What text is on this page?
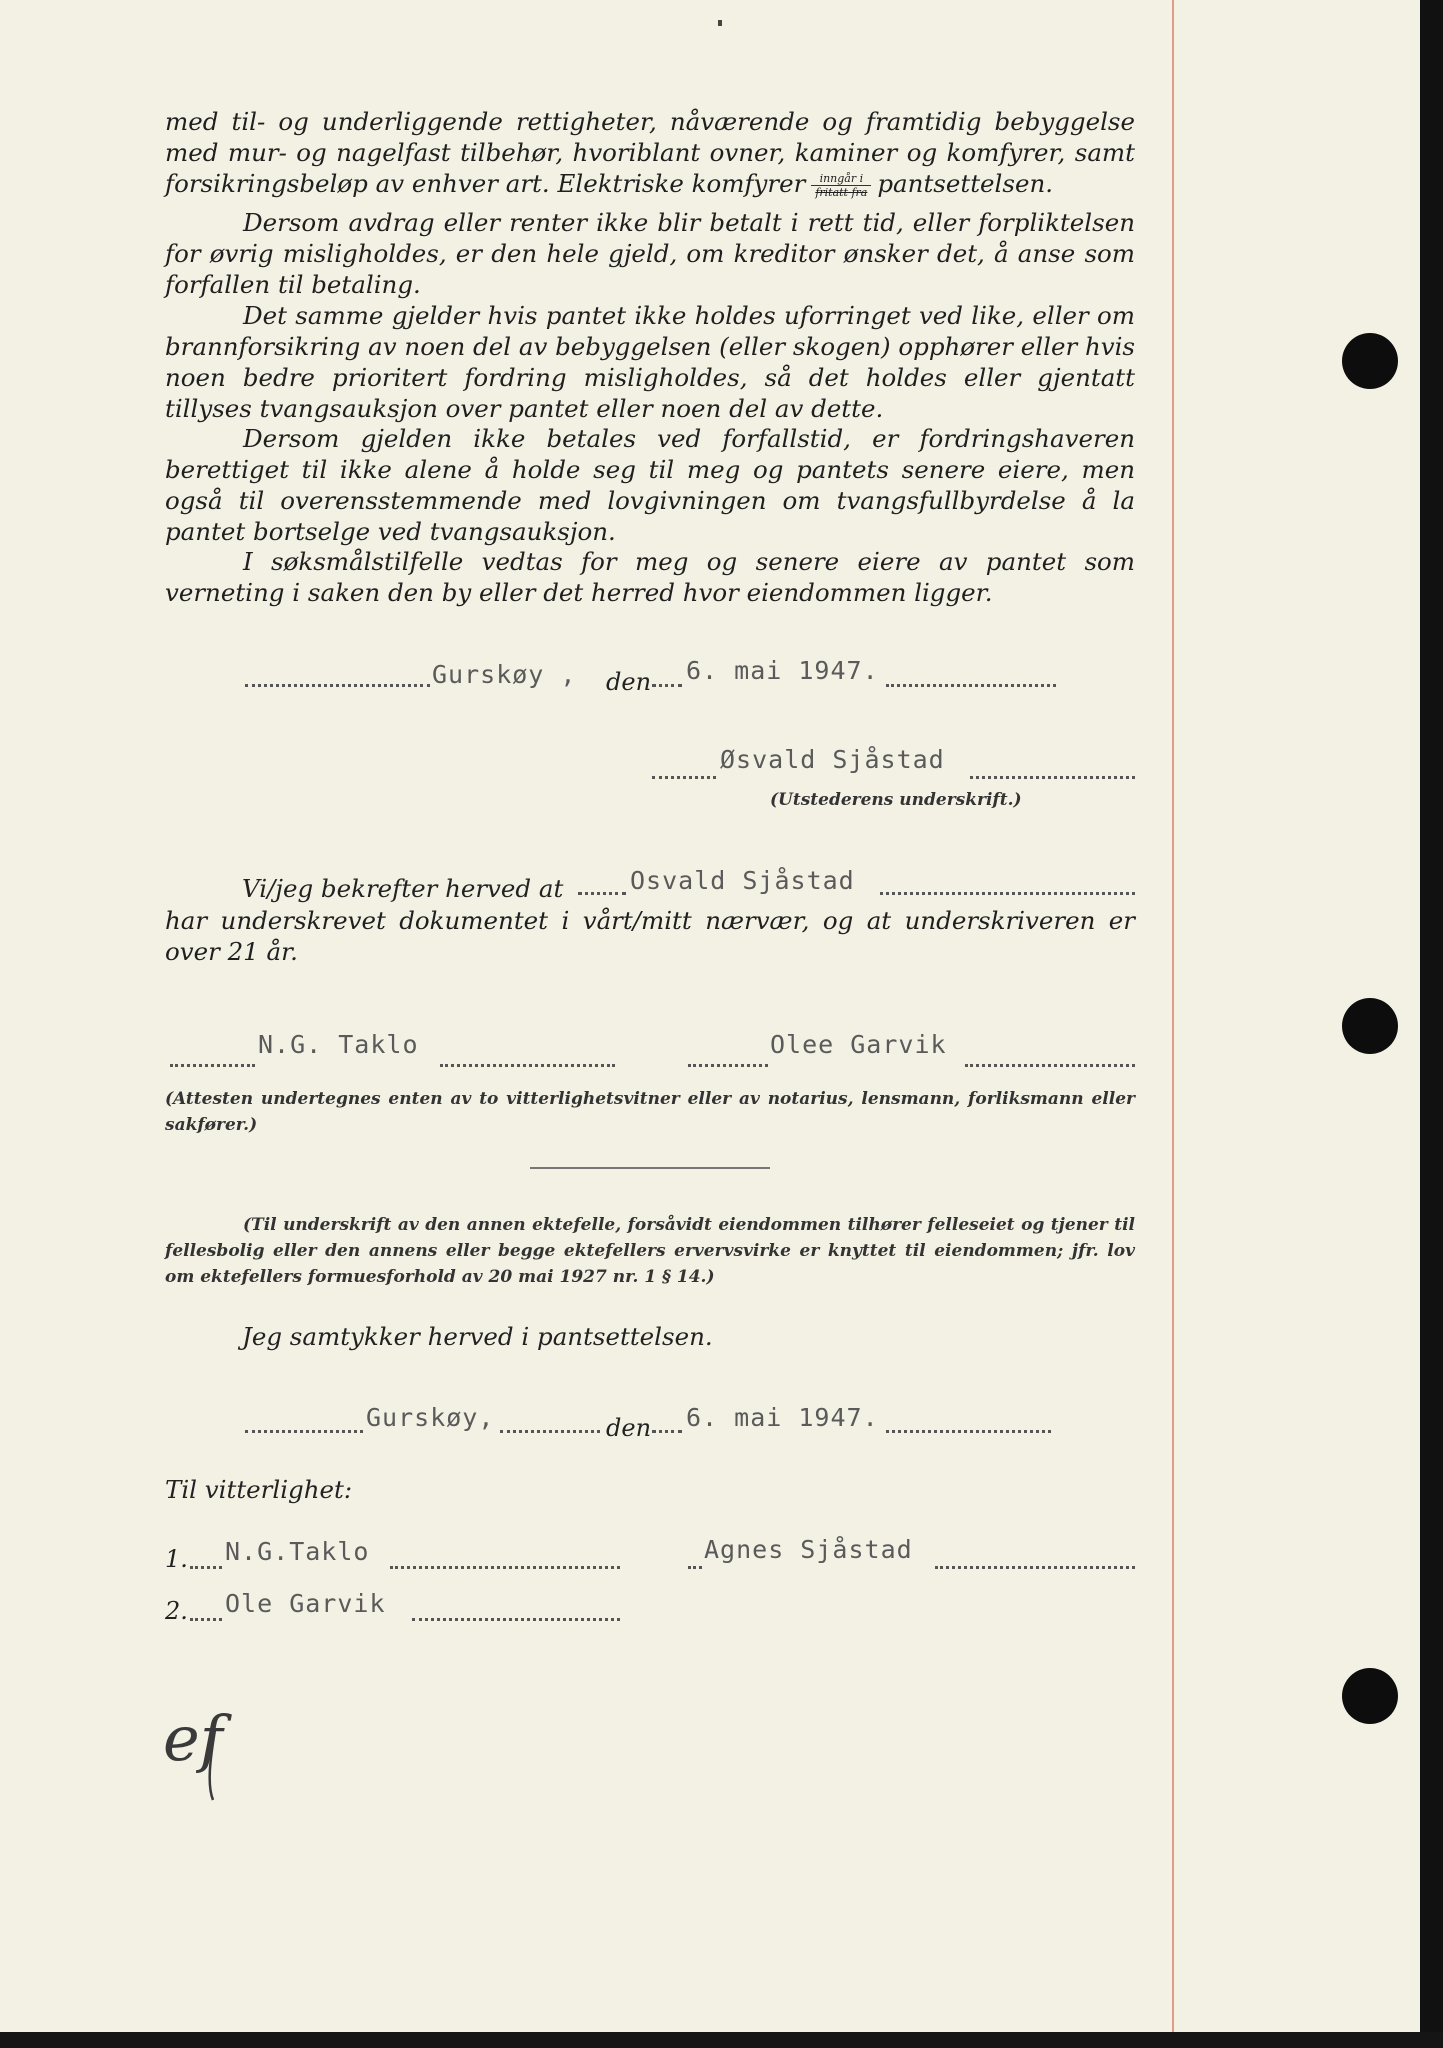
med til- og underliggende rettigheter, nåværende og framtidig bebyggelse med mur- og nagelfast tilbehør, hvoriblant ovner, kaminer og komfyrer, samt forsikringsbeløp av enhver art. Elektriske komfyrer $\frac{\text{inngår i}}{\text{fritatt fra}}$ pantsettelsen.

Dersom avdrag eller renter ikke blir betalt i rett tid, eller forpliktelsen for øvrig misligholdes, er den hele gjeld, om kreditor ønsker det, å anse som forfallen til betaling.

Det samme gjelder hvis pantet ikke holdes uforringet ved like, eller om brannforsikring av noen del av bebyggelsen (eller skogen) opphører eller hvis noen bedre prioritert fordring misligholdes, så det holdes eller gjentatt tillyses tvangsauksjon over pantet eller noen del av dette.

Dersom gjelden ikke betales ved forfallstid, er fordringshaveren berettiget til ikke alene å holde seg til meg og pantets senere eiere, men også til overensstemmende med lovgivningen om tvangsfullbyrdelse å la pantet bortselge ved tvangsauksjon.

I søksmålstilfelle vedtas for meg og senere eiere av pantet som verneting i saken den by eller det herred hvor eiendommen ligger.

Gurskøy , den 6. mai 1947.
Øsvald Sjåstad
(Utstederens underskrift.)
Vi/jeg bekrefter herved at	Osvald Sjåstad

har underskrevet dokumentet i vårt/mitt nærvær, og at underskriveren er over 21 år.

N.G. Taklo	Olee Garvik

(Attesten undertegnes enten av to vitterlighetsvitner eller av notarius, lensmann, forliksmann eller sakfører.)

(Til underskrift av den annen ektefelle, forsåvidt eiendommen tilhører felleseiet og tjener til fellesbolig eller den annens eller begge ektefellers ervervsvirke er knyttet til eiendommen; jfr. lov om ektefellers formuesforhold av 20 mai 1927 nr. 1 § 14.)

Jeg samtykker herved i pantsettelsen.
Gurskøy,	den 6. mai 1947.
Til vitterlighet:
1. N.G.Taklo	Agnes Sjåstad
2. Ole Garvik
ef
